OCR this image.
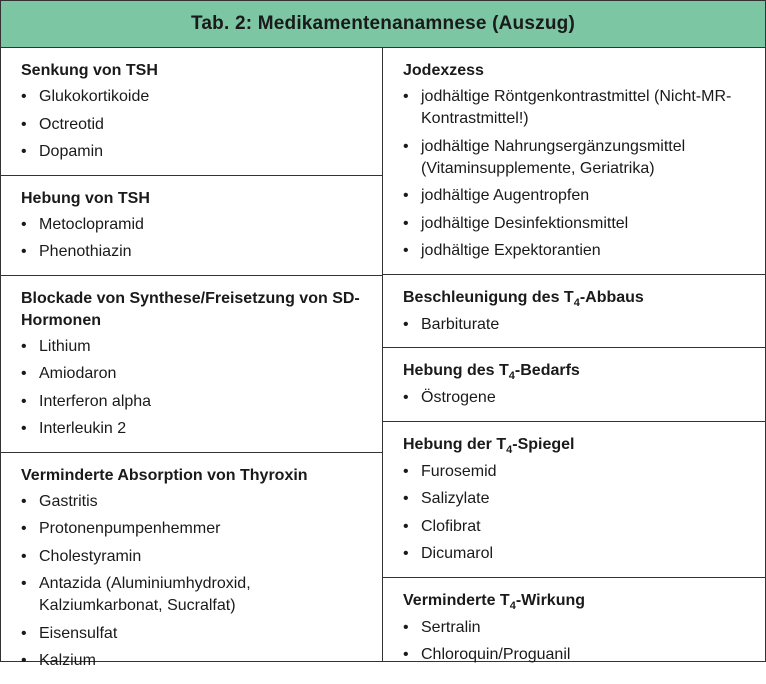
Tab. 2: Medikamentenanamnese (Auszug)
Senkung von TSH
• Glukokortikoide
• Octreotid
• Dopamin
Hebung von TSH
• Metoclopramid
• Phenothiazin
Blockade von Synthese/Freisetzung von SD-Hormonen
• Lithium
• Amiodaron
• Interferon alpha
• Interleukin 2
Verminderte Absorption von Thyroxin
• Gastritis
• Protonenpumpenhemmer
• Cholestyramin
• Antazida (Aluminiumhydroxid, Kalziumkarbonat, Sucralfat)
• Eisensulfat
• Kalzium
Jodexzess
• jodhältige Röntgenkontrastmittel (Nicht-MR-Kontrastmittel!)
• jodhältige Nahrungsergänzungsmittel (Vitaminsupplemente, Geriatrika)
• jodhältige Augentropfen
• jodhältige Desinfektionsmittel
• jodhältige Expektorantien
Beschleunigung des $T_4$-Abbaus
• Barbiturate
Hebung des $T_4$-Bedarfs
• Östrogene
Hebung der $T_4$-Spiegel
• Furosemid
• Salizylate
• Clofibrat
• Dicumarol
Verminderte $T_4$-Wirkung
• Sertralin
• Chloroquin/Proguanil
